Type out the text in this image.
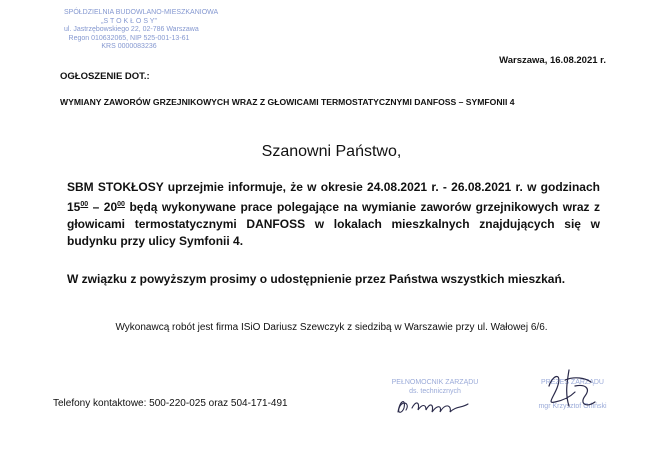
SPÓŁDZIELNIA BUDOWLANO-MIESZKANIOWA
„S T O K Ł O S Y”
ul. Jastrzębowskiego 22, 02-786 Warszawa
Regon 010632065, NIP 525-001-13-61
KRS 0000083236
Warszawa, 16.08.2021 r.
OGŁOSZENIE DOT.:
WYMIANY ZAWORÓW GRZEJNIKOWYCH WRAZ Z GŁOWICAMI TERMOSTATYCZNYMI DANFOSS – SYMFONII 4
Szanowni Państwo,
SBM STOKŁOSY uprzejmie informuje, że w okresie 24.08.2021 r. - 26.08.2021 r. w godzinach $15^{00} - 20^{00}$ będą wykonywane prace polegające na wymianie zaworów grzejnikowych wraz z głowicami termostatycznymi DANFOSS w lokalach mieszkalnych znajdujących się w budynku przy ulicy Symfonii 4.
W związku z powyższym prosimy o udostępnienie przez Państwa wszystkich mieszkań.
Wykonawcą robót jest firma ISiO Dariusz Szewczyk z siedzibą w Warszawie przy ul. Wałowej 6/6.
Telefony kontaktowe: 500-220-025 oraz 504-171-491
PEŁNOMOCNIK ZARZĄDU
ds. technicznych
PREZES ZARZĄDU
mgr Krzysztof Orliński
